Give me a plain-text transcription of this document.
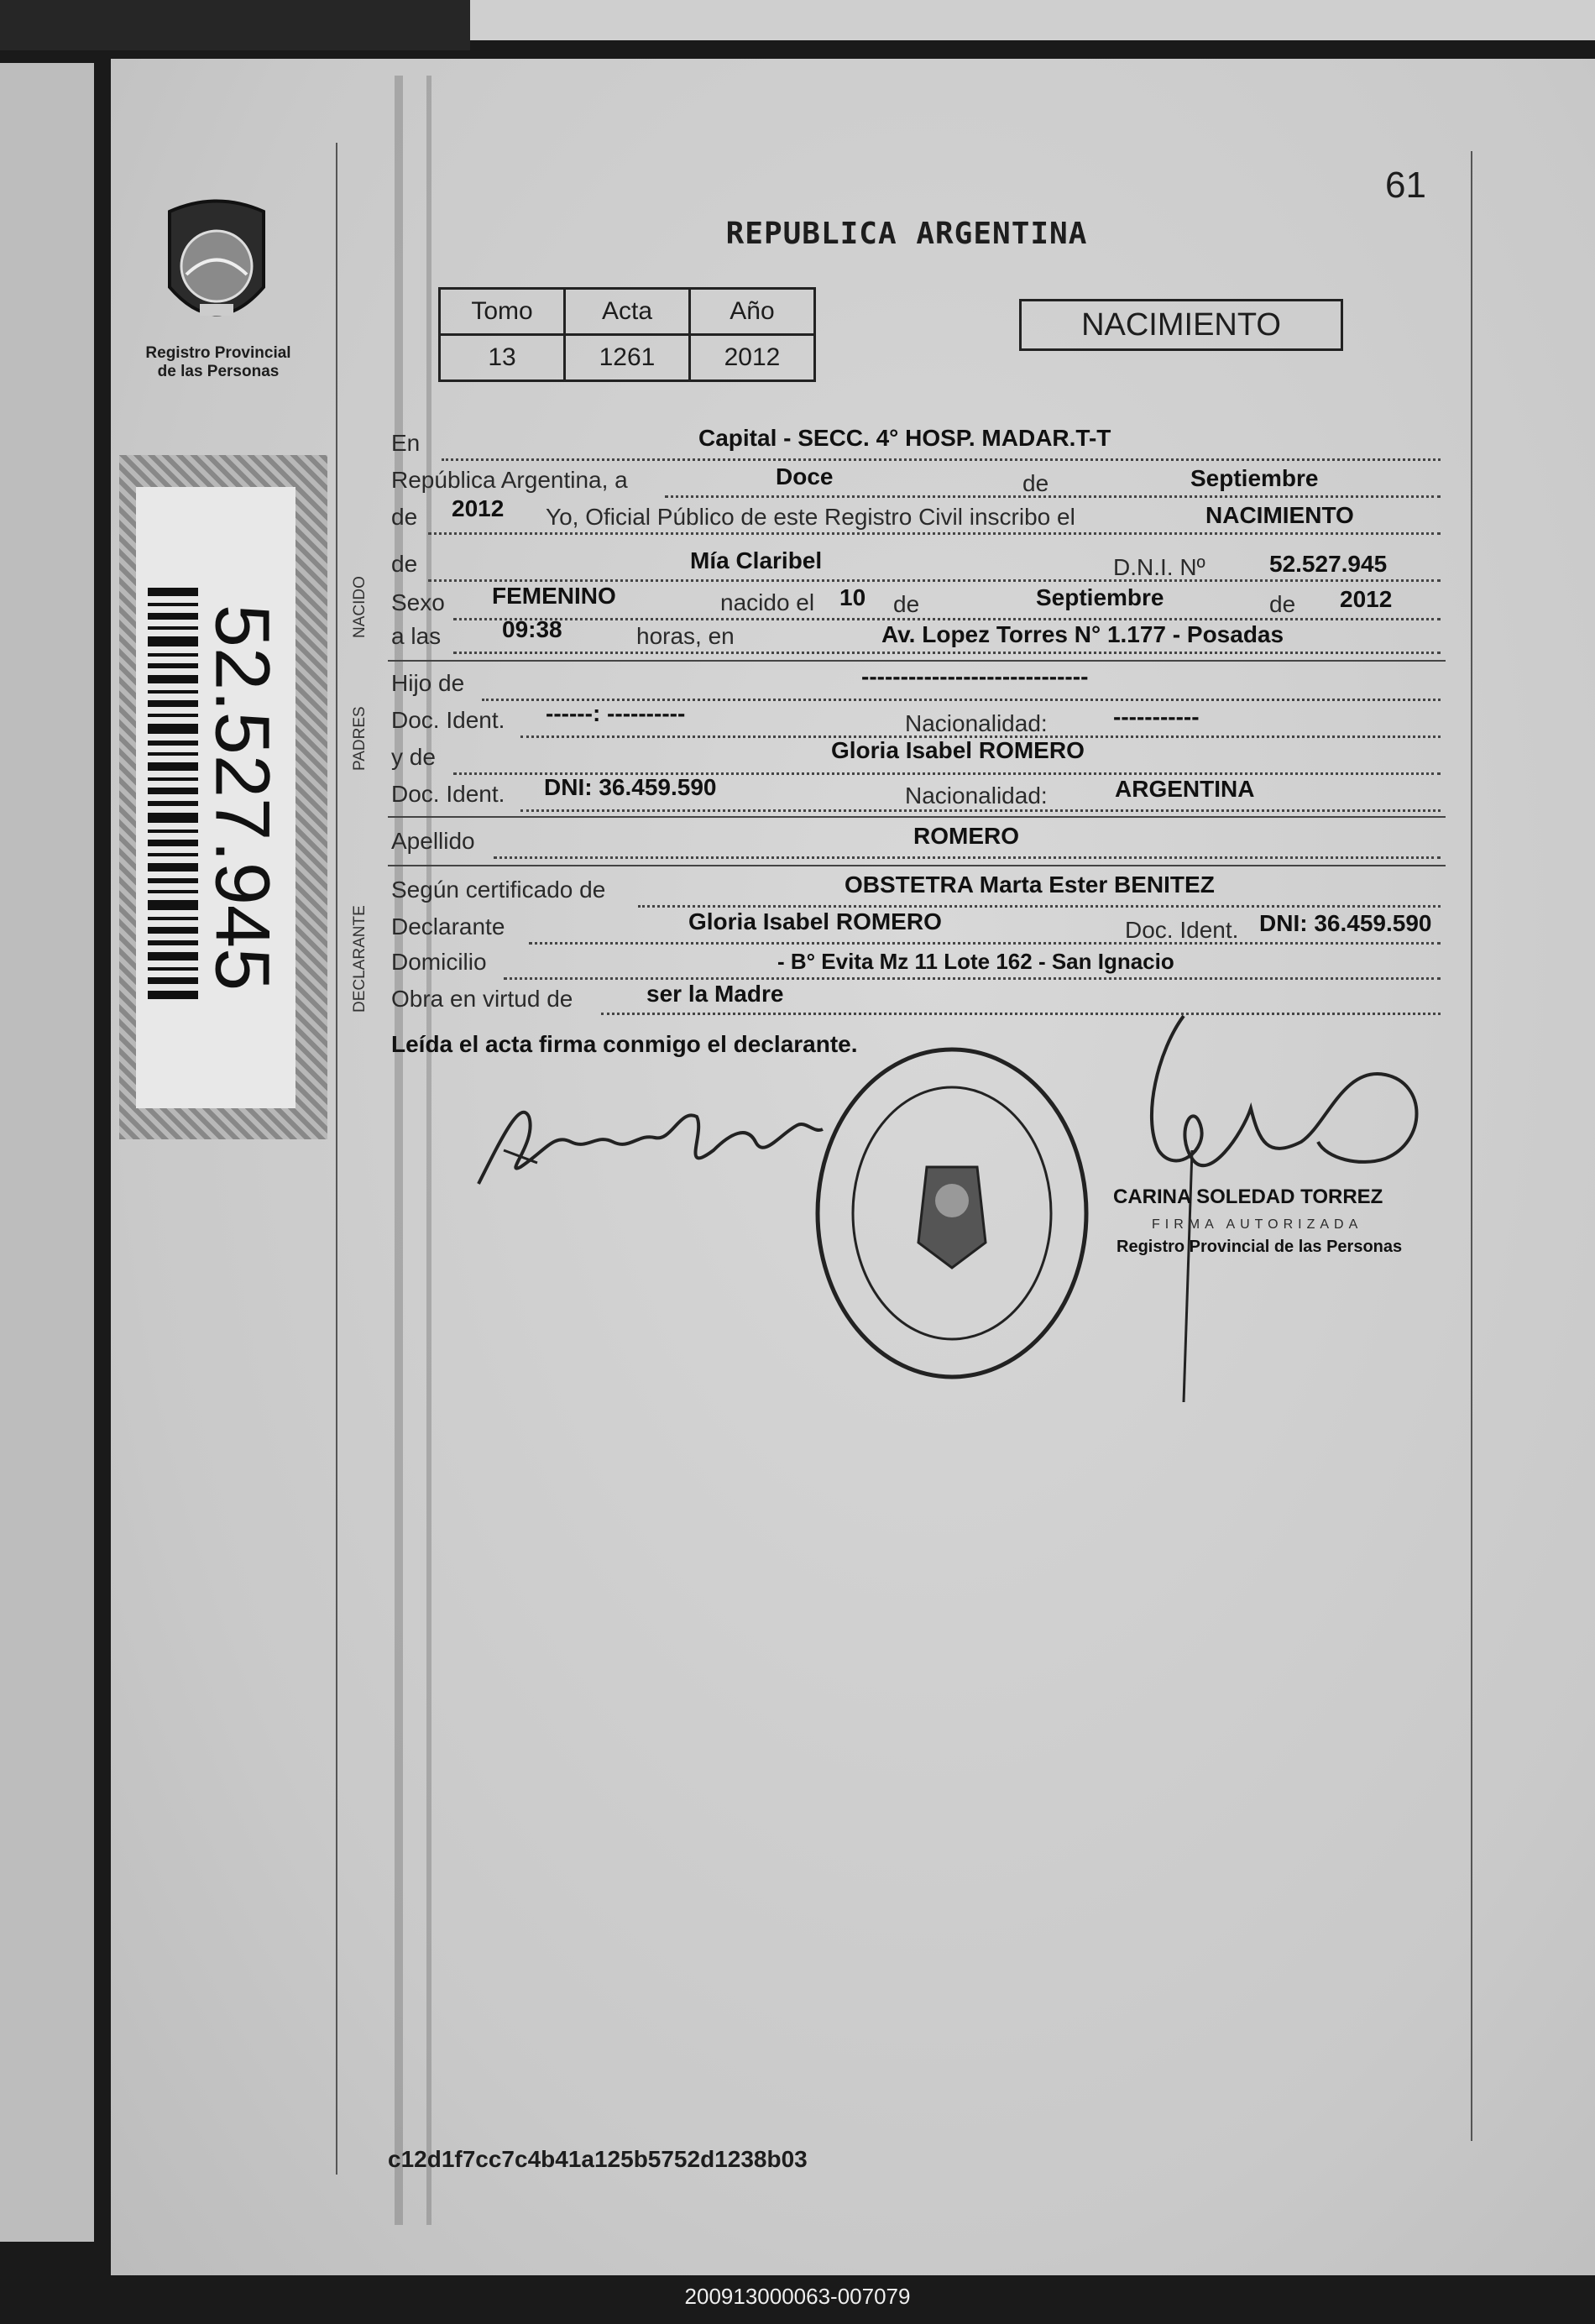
Registro Provincial de las Personas
52.527.945
61
REPUBLICA ARGENTINA
Tomo	Acta	Año
13	1261	2012
NACIMIENTO
NACIDO
PADRES
DECLARANTE
En	Capital - SECC. 4° HOSP. MADAR.T-T
República Argentina, a	Doce	de	Septiembre
de 2012 Yo, Oficial Público de este Registro Civil inscribo el	NACIMIENTO
de	Mía Claribel	D.N.I. Nº	52.527.945
Sexo FEMENINO	nacido el 10 de	Septiembre	de 2012
a las	09:38	horas, en	Av. Lopez Torres N° 1.177 - Posadas
Hijo de	-----------------------------
Doc. Ident. ------: ----------	Nacionalidad:	-----------
y de	Gloria Isabel ROMERO
Doc. Ident. DNI: 36.459.590	Nacionalidad:	ARGENTINA
Apellido	ROMERO
Según certificado de	OBSTETRA Marta Ester BENITEZ
Declarante	Gloria Isabel ROMERO	Doc. Ident. DNI: 36.459.590
Domicilio	- B° Evita Mz 11 Lote 162 - San Ignacio
Obra en virtud de	ser la Madre
Leída el acta firma conmigo el declarante.
CARINA SOLEDAD TORREZ
FIRMA AUTORIZADA
Registro Provincial de las Personas
c12d1f7cc7c4b41a125b5752d1238b03
200913000063-007079
